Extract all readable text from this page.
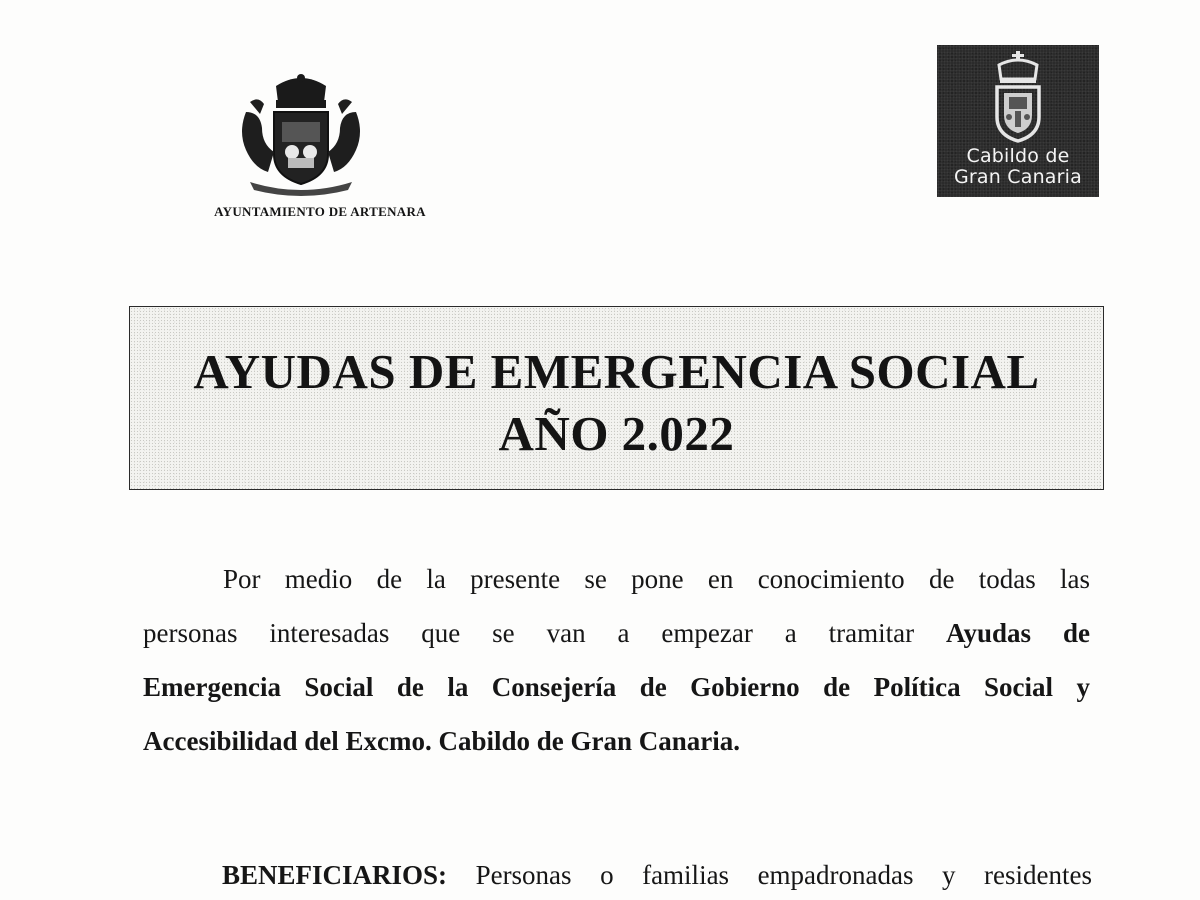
AYUNTAMIENTO DE ARTENARA
Cabildo de
Gran Canaria
AYUDAS DE EMERGENCIA SOCIAL
AÑO 2.022
Por medio de la presente se pone en conocimiento de todas las
personas interesadas que se van a empezar a tramitar Ayudas de
Emergencia Social de la Consejería de Gobierno de Política Social y
Accesibilidad del Excmo. Cabildo de Gran Canaria.
BENEFICIARIOS: Personas o familias empadronadas y residentes
